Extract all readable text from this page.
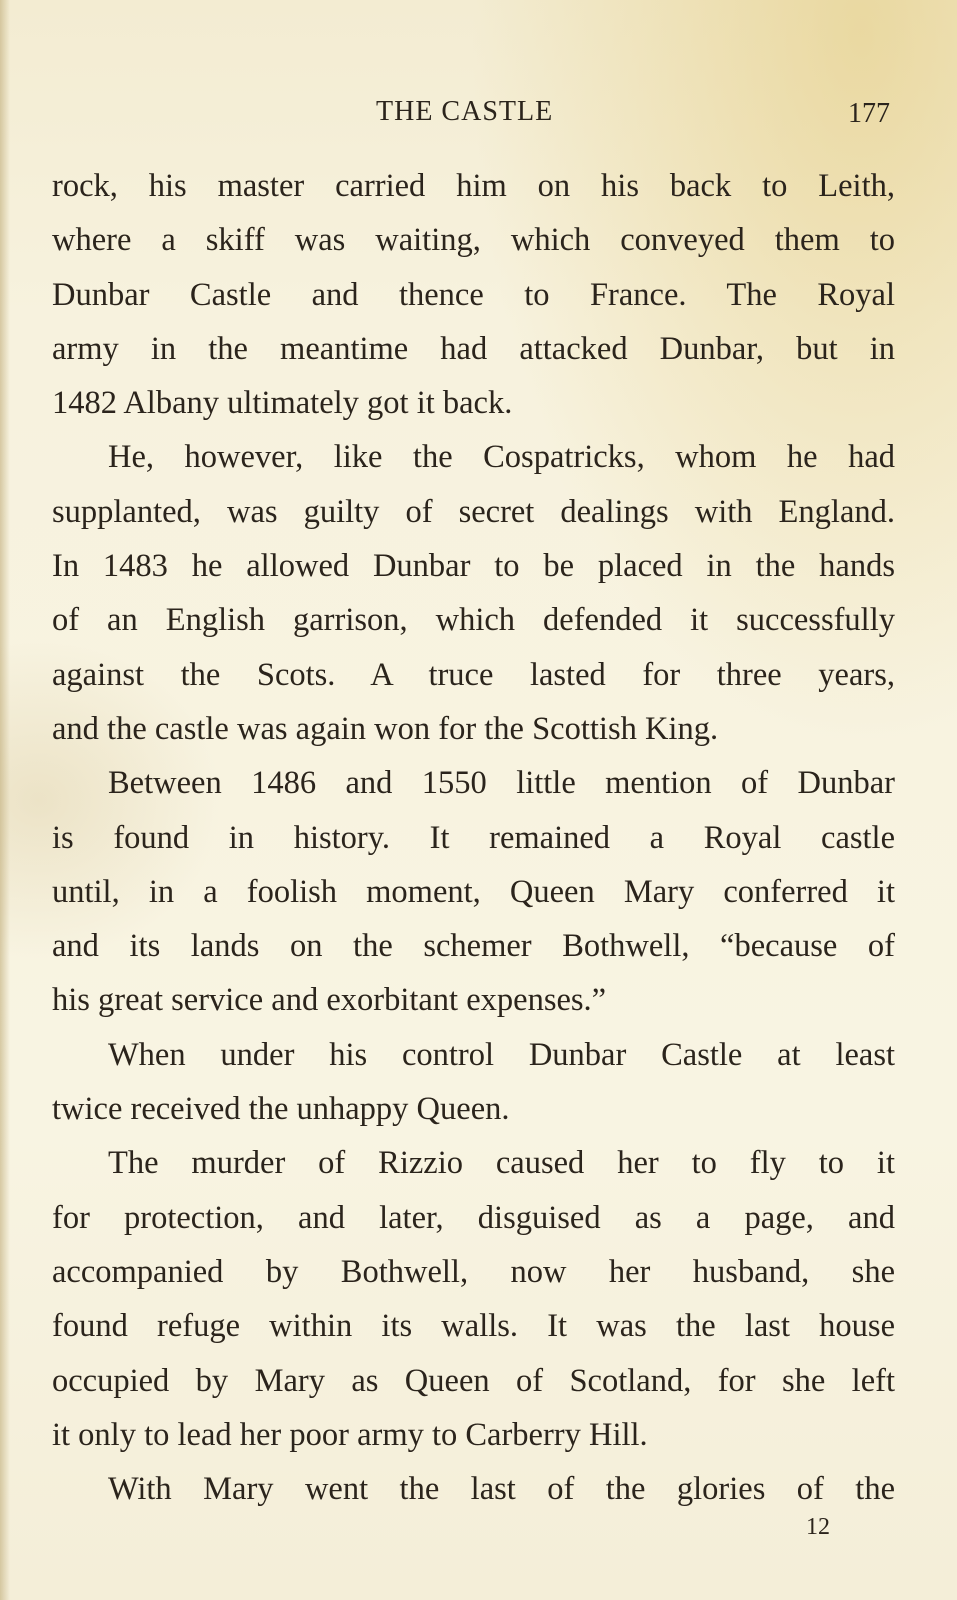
THE CASTLE	177
rock, his master carried him on his back to Leith,
where a skiff was waiting, which conveyed them to
Dunbar Castle and thence to France. The Royal
army in the meantime had attacked Dunbar, but in
1482 Albany ultimately got it back.
He, however, like the Cospatricks, whom he had
supplanted, was guilty of secret dealings with England.
In 1483 he allowed Dunbar to be placed in the hands
of an English garrison, which defended it successfully
against the Scots. A truce lasted for three years,
and the castle was again won for the Scottish King.
Between 1486 and 1550 little mention of Dunbar
is found in history. It remained a Royal castle
until, in a foolish moment, Queen Mary conferred it
and its lands on the schemer Bothwell, “because of
his great service and exorbitant expenses.”
When under his control Dunbar Castle at least
twice received the unhappy Queen.
The murder of Rizzio caused her to fly to it
for protection, and later, disguised as a page, and
accompanied by Bothwell, now her husband, she
found refuge within its walls. It was the last house
occupied by Mary as Queen of Scotland, for she left
it only to lead her poor army to Carberry Hill.
With Mary went the last of the glories of the
12
